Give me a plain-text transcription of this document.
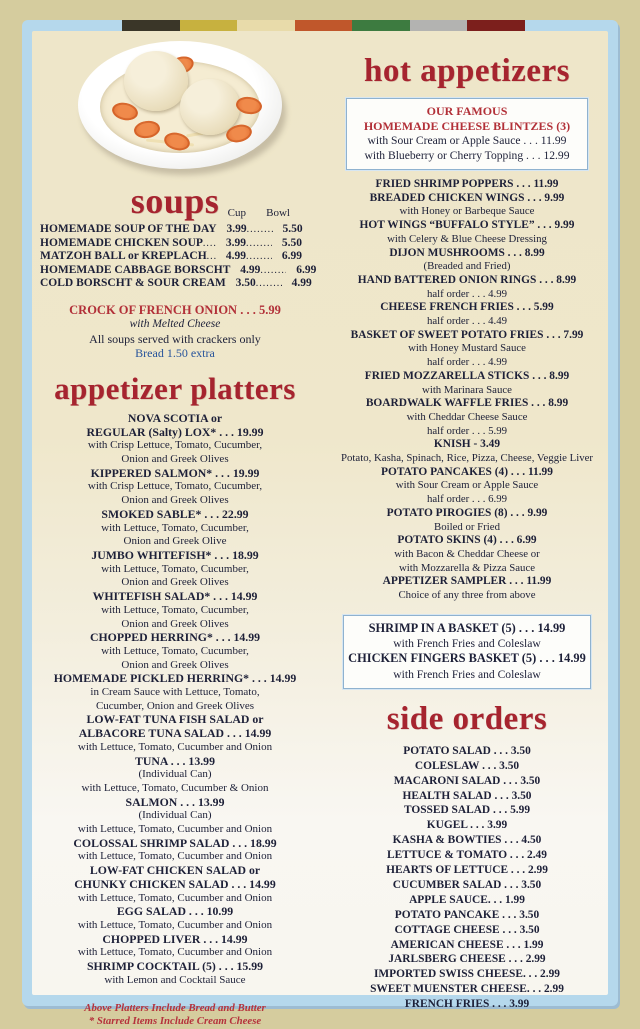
soups Cup Bowl
HOMEMADE SOUP OF THE DAY 3.99 .....	5.50
HOMEMADE CHICKEN SOUP .....	3.99 .....	5.50
MATZOH BALL or KREPLACH .....	4.99 .....	6.99
HOMEMADE CABBAGE BORSCHT 4.99 .....	6.99
COLD BORSCHT & SOUR CREAM 3.50 .....	4.99
CROCK OF FRENCH ONION . . . 5.99
with Melted Cheese
All soups served with crackers only
Bread 1.50 extra
appetizer platters
NOVA SCOTIA or
REGULAR (Salty) LOX* . . . 19.99
with Crisp Lettuce, Tomato, Cucumber,
Onion and Greek Olives
KIPPERED SALMON* . . . 19.99
with Crisp Lettuce, Tomato, Cucumber,
Onion and Greek Olives
SMOKED SABLE* . . . 22.99
with Lettuce, Tomato, Cucumber,
Onion and Greek Olive
JUMBO WHITEFISH* . . . 18.99
with Lettuce, Tomato, Cucumber,
Onion and Greek Olives
WHITEFISH SALAD* . . . 14.99
with Lettuce, Tomato, Cucumber,
Onion and Greek Olives
CHOPPED HERRING* . . . 14.99
with Lettuce, Tomato, Cucumber,
Onion and Greek Olives
HOMEMADE PICKLED HERRING* . . . 14.99
in Cream Sauce with Lettuce, Tomato,
Cucumber, Onion and Greek Olives
LOW-FAT TUNA FISH SALAD or
ALBACORE TUNA SALAD . . . 14.99
with Lettuce, Tomato, Cucumber and Onion
TUNA . . . 13.99
(Individual Can)
with Lettuce, Tomato, Cucumber & Onion
SALMON . . . 13.99
(Individual Can)
with Lettuce, Tomato, Cucumber and Onion
COLOSSAL SHRIMP SALAD . . . 18.99
with Lettuce, Tomato, Cucumber and Onion
LOW-FAT CHICKEN SALAD or
CHUNKY CHICKEN SALAD . . . 14.99
with Lettuce, Tomato, Cucumber and Onion
EGG SALAD . . . 10.99
with Lettuce, Tomato, Cucumber and Onion
CHOPPED LIVER . . . 14.99
with Lettuce, Tomato, Cucumber and Onion
SHRIMP COCKTAIL (5) . . . 15.99
with Lemon and Cocktail Sauce
Above Platters Include Bread and Butter
* Starred Items Include Cream Cheese
hot appetizers
OUR FAMOUS
HOMEMADE CHEESE BLINTZES (3)
with Sour Cream or Apple Sauce . . . 11.99
with Blueberry or Cherry Topping . . . 12.99
FRIED SHRIMP POPPERS . . . 11.99
BREADED CHICKEN WINGS . . . 9.99
with Honey or Barbeque Sauce
HOT WINGS “BUFFALO STYLE” . . . 9.99
with Celery & Blue Cheese Dressing
DIJON MUSHROOMS . . . 8.99
(Breaded and Fried)
HAND BATTERED ONION RINGS . . . 8.99
half order . . . 4.99
CHEESE FRENCH FRIES . . . 5.99
half order . . . 4.49
BASKET OF SWEET POTATO FRIES . . . 7.99
with Honey Mustard Sauce
half order . . . 4.99
FRIED MOZZARELLA STICKS . . . 8.99
with Marinara Sauce
BOARDWALK WAFFLE FRIES . . . 8.99
with Cheddar Cheese Sauce
half order . . . 5.99
KNISH - 3.49
Potato, Kasha, Spinach, Rice, Pizza, Cheese, Veggie Liver
POTATO PANCAKES (4) . . . 11.99
with Sour Cream or Apple Sauce
half order . . . 6.99
POTATO PIROGIES (8) . . . 9.99
Boiled or Fried
POTATO SKINS (4) . . . 6.99
with Bacon & Cheddar Cheese or
with Mozzarella & Pizza Sauce
APPETIZER SAMPLER . . . 11.99
Choice of any three from above
SHRIMP IN A BASKET (5) . . . 14.99
with French Fries and Coleslaw
CHICKEN FINGERS BASKET (5) . . . 14.99
with French Fries and Coleslaw
side orders
POTATO SALAD . . . 3.50
COLESLAW . . . 3.50
MACARONI SALAD . . . 3.50
HEALTH SALAD . . . 3.50
TOSSED SALAD . . . 5.99
KUGEL . . . 3.99
KASHA & BOWTIES . . . 4.50
LETTUCE & TOMATO . . . 2.49
HEARTS OF LETTUCE . . . 2.99
CUCUMBER SALAD . . . 3.50
APPLE SAUCE. . . 1.99
POTATO PANCAKE . . . 3.50
COTTAGE CHEESE . . . 3.50
AMERICAN CHEESE . . . 1.99
JARLSBERG CHEESE . . . 2.99
IMPORTED SWISS CHEESE. . . 2.99
SWEET MUENSTER CHEESE. . . 2.99
FRENCH FRIES . . . 3.99
